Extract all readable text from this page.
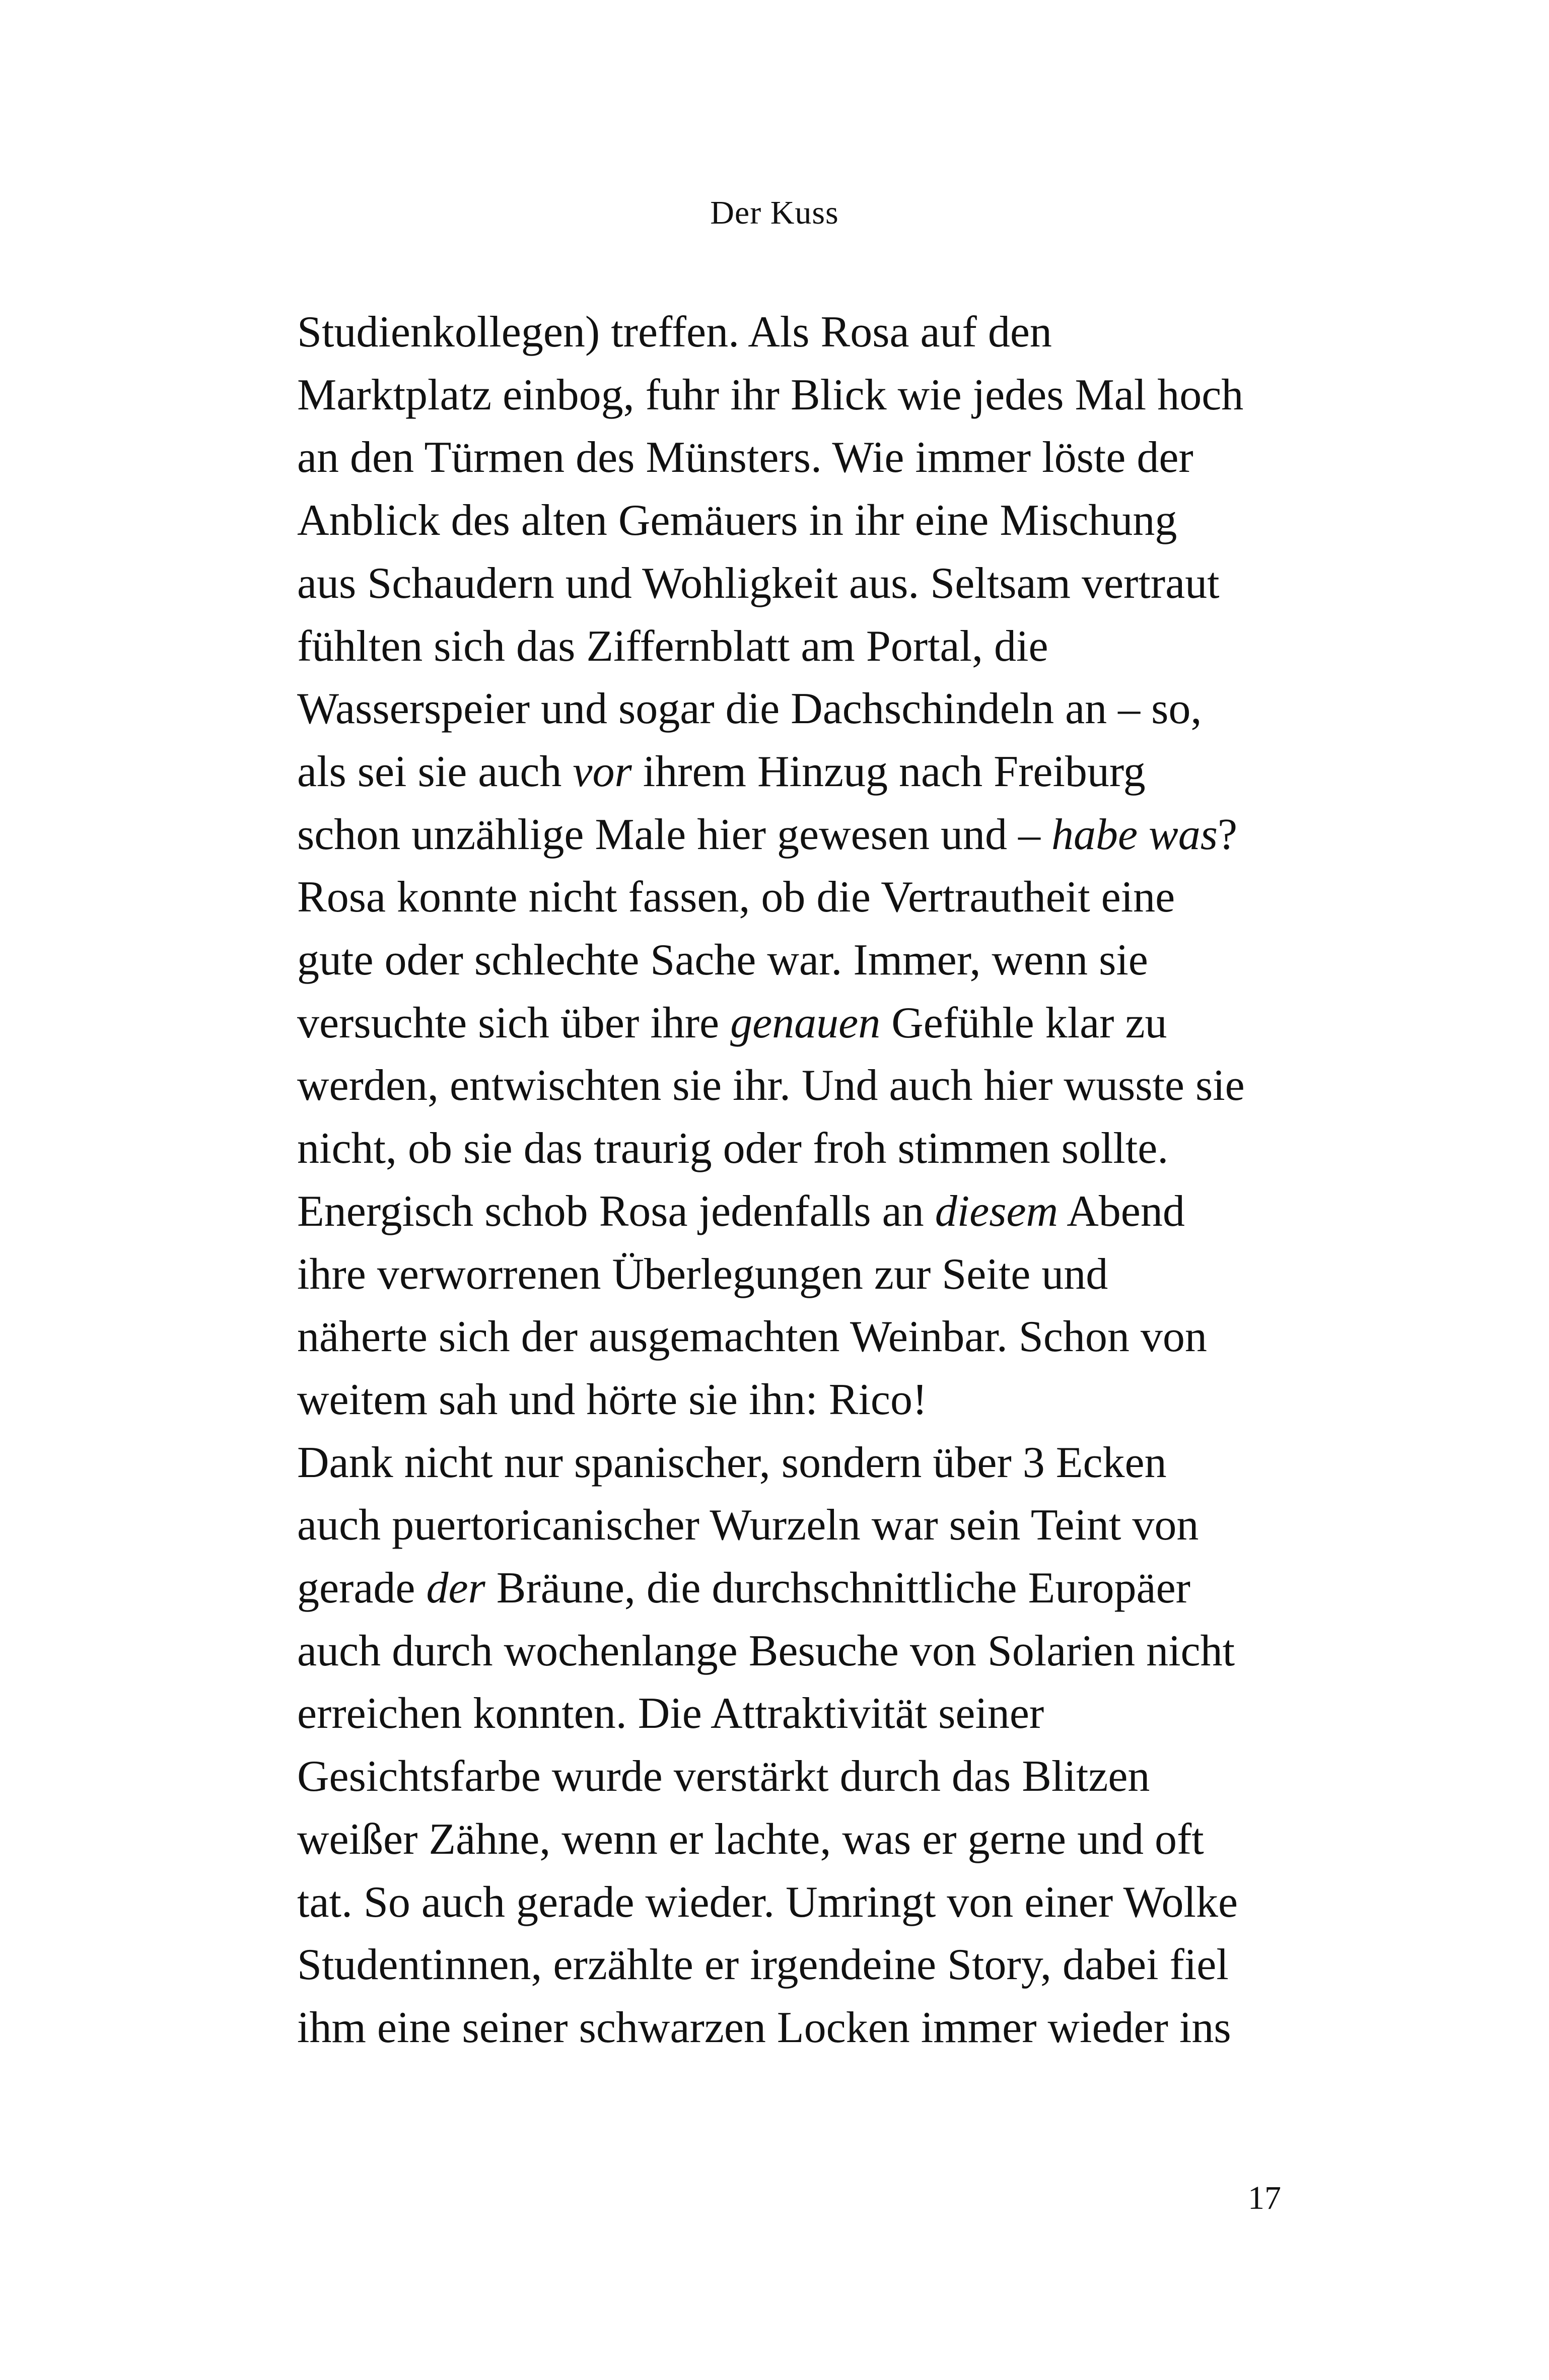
Der Kuss
Studienkollegen) treffen. Als Rosa auf den
Marktplatz einbog, fuhr ihr Blick wie jedes Mal hoch
an den Türmen des Münsters. Wie immer löste der
Anblick des alten Gemäuers in ihr eine Mischung
aus Schaudern und Wohligkeit aus. Seltsam vertraut
fühlten sich das Ziffernblatt am Portal, die
Wasserspeier und sogar die Dachschindeln an – so,
als sei sie auch vor ihrem Hinzug nach Freiburg
schon unzählige Male hier gewesen und – habe was?
Rosa konnte nicht fassen, ob die Vertrautheit eine
gute oder schlechte Sache war. Immer, wenn sie
versuchte sich über ihre genauen Gefühle klar zu
werden, entwischten sie ihr. Und auch hier wusste sie
nicht, ob sie das traurig oder froh stimmen sollte.
Energisch schob Rosa jedenfalls an diesem Abend
ihre verworrenen Überlegungen zur Seite und
näherte sich der ausgemachten Weinbar. Schon von
weitem sah und hörte sie ihn: Rico!
Dank nicht nur spanischer, sondern über 3 Ecken
auch puertoricanischer Wurzeln war sein Teint von
gerade der Bräune, die durchschnittliche Europäer
auch durch wochenlange Besuche von Solarien nicht
erreichen konnten. Die Attraktivität seiner
Gesichtsfarbe wurde verstärkt durch das Blitzen
weißer Zähne, wenn er lachte, was er gerne und oft
tat. So auch gerade wieder. Umringt von einer Wolke
Studentinnen, erzählte er irgendeine Story, dabei fiel
ihm eine seiner schwarzen Locken immer wieder ins
17
